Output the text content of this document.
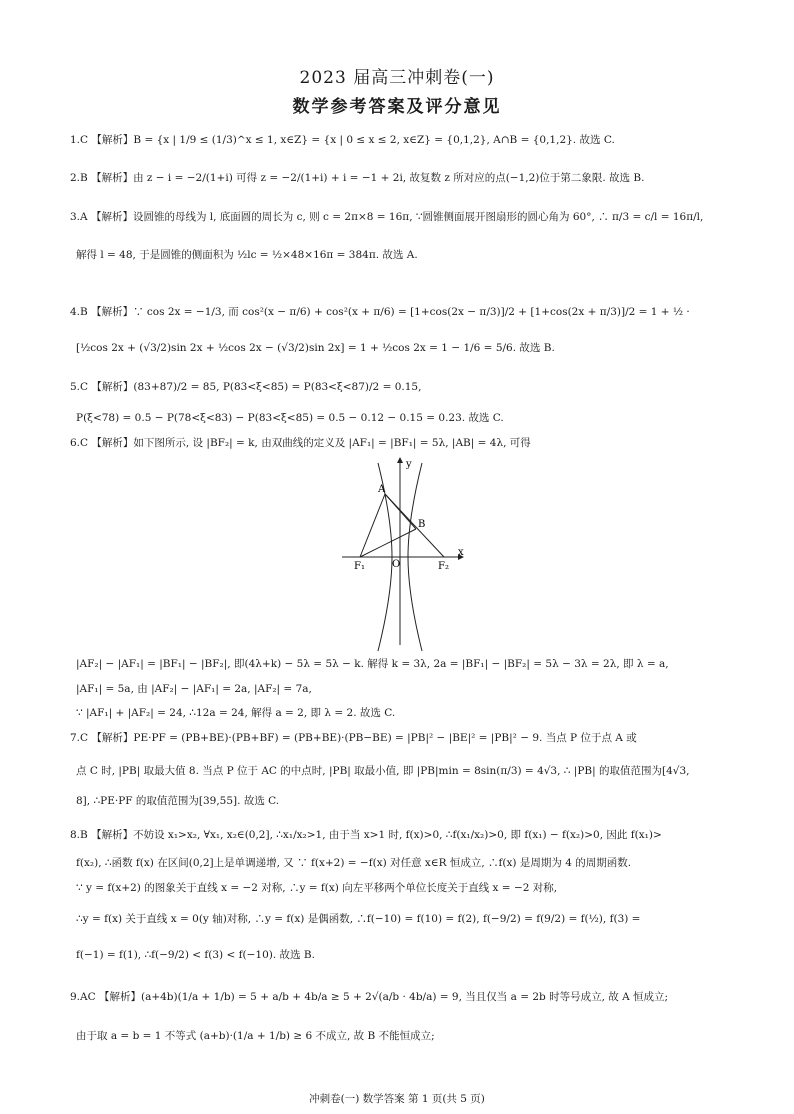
2023 届高三冲刺卷(一)
数学参考答案及评分意见
1.C 【解析】B = {x | 1/9 ≤ (1/3)^x ≤ 1, x∈Z} = {x | 0 ≤ x ≤ 2, x∈Z} = {0,1,2}, A∩B = {0,1,2}. 故选 C.
2.B 【解析】由 z − i = −2/(1+i) 可得 z = −2/(1+i) + i = −1 + 2i, 故复数 z 所对应的点(−1,2)位于第二象限. 故选 B.
3.A 【解析】设圆锥的母线为 l, 底面圆的周长为 c, 则 c = 2π×8 = 16π, ∵圆锥侧面展开图扇形的圆心角为 60°, ∴ π/3 = c/l = 16π/l,
解得 l = 48, 于是圆锥的侧面积为 ½lc = ½×48×16π = 384π. 故选 A.
4.B 【解析】∵ cos 2x = −1/3, 而 cos²(x − π/6) + cos²(x + π/6) = [1+cos(2x − π/3)]/2 + [1+cos(2x + π/3)]/2 = 1 + ½ ·
[½cos 2x + (√3/2)sin 2x + ½cos 2x − (√3/2)sin 2x] = 1 + ½cos 2x = 1 − 1/6 = 5/6. 故选 B.
5.C 【解析】(83+87)/2 = 85, P(83<ξ<85) = P(83<ξ<87)/2 = 0.15,
P(ξ<78) = 0.5 − P(78<ξ<83) − P(83<ξ<85) = 0.5 − 0.12 − 0.15 = 0.23. 故选 C.
6.C 【解析】如下图所示, 设 |BF₂| = k, 由双曲线的定义及 |AF₁| = |BF₁| = 5λ, |AB| = 4λ, 可得
y
x
A
B
O
F₁	F₂
|AF₂| − |AF₁| = |BF₁| − |BF₂|, 即(4λ+k) − 5λ = 5λ − k. 解得 k = 3λ, 2a = |BF₁| − |BF₂| = 5λ − 3λ = 2λ, 即 λ = a,
|AF₁| = 5a, 由 |AF₂| − |AF₁| = 2a, |AF₂| = 7a,
∵ |AF₁| + |AF₂| = 24, ∴12a = 24, 解得 a = 2, 即 λ = 2. 故选 C.
7.C 【解析】PE·PF = (PB+BE)·(PB+BF) = (PB+BE)·(PB−BE) = |PB|² − |BE|² = |PB|² − 9. 当点 P 位于点 A 或
点 C 时, |PB| 取最大值 8. 当点 P 位于 AC 的中点时, |PB| 取最小值, 即 |PB|min = 8sin(π/3) = 4√3, ∴ |PB| 的取值范围为[4√3,
8], ∴PE·PF 的取值范围为[39,55]. 故选 C.
8.B 【解析】不妨设 x₁>x₂, ∀x₁, x₂∈(0,2], ∴x₁/x₂>1, 由于当 x>1 时, f(x)>0, ∴f(x₁/x₂)>0, 即 f(x₁) − f(x₂)>0, 因此 f(x₁)>
f(x₂), ∴函数 f(x) 在区间(0,2]上是单调递增, 又 ∵ f(x+2) = −f(x) 对任意 x∈R 恒成立, ∴f(x) 是周期为 4 的周期函数.
∵ y = f(x+2) 的图象关于直线 x = −2 对称, ∴y = f(x) 向左平移两个单位长度关于直线 x = −2 对称,
∴y = f(x) 关于直线 x = 0(y 轴)对称, ∴y = f(x) 是偶函数, ∴f(−10) = f(10) = f(2), f(−9/2) = f(9/2) = f(½), f(3) =
f(−1) = f(1), ∴f(−9/2) < f(3) < f(−10). 故选 B.
9.AC 【解析】(a+4b)(1/a + 1/b) = 5 + a/b + 4b/a ≥ 5 + 2√(a/b · 4b/a) = 9, 当且仅当 a = 2b 时等号成立, 故 A 恒成立;
由于取 a = b = 1 不等式 (a+b)·(1/a + 1/b) ≥ 6 不成立, 故 B 不能恒成立;
冲刺卷(一) 数学答案 第 1 页(共 5 页)
